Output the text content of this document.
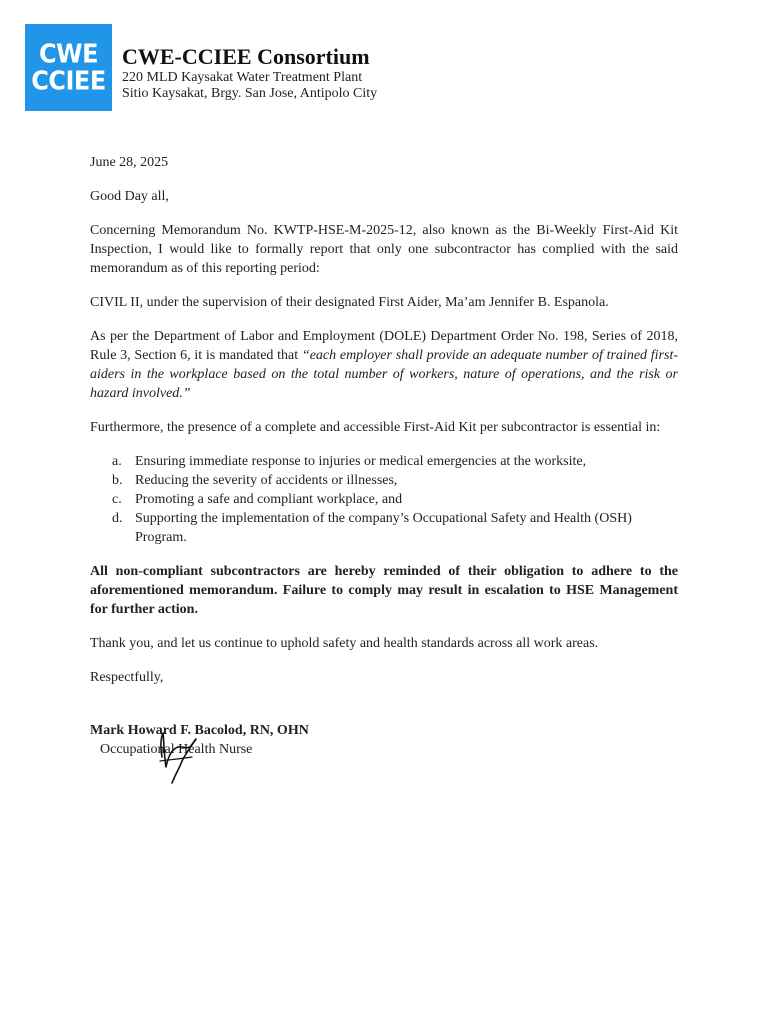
CWE
CCIEE
CWE-CCIEE Consortium
220 MLD Kaysakat Water Treatment Plant
Sitio Kaysakat, Brgy. San Jose, Antipolo City

June 28, 2025

Good Day all,

Concerning Memorandum No. KWTP-HSE-M-2025-12, also known as the Bi-Weekly First-Aid Kit Inspection, I would like to formally report that only one subcontractor has complied with the said memorandum as of this reporting period:

CIVIL II, under the supervision of their designated First Aider, Ma’am Jennifer B. Espanola.

As per the Department of Labor and Employment (DOLE) Department Order No. 198, Series of 2018, Rule 3, Section 6, it is mandated that “each employer shall provide an adequate number of trained first-aiders in the workplace based on the total number of workers, nature of operations, and the risk or hazard involved.”

Furthermore, the presence of a complete and accessible First-Aid Kit per subcontractor is essential in:

a. Ensuring immediate response to injuries or medical emergencies at the worksite,
b. Reducing the severity of accidents or illnesses,
c. Promoting a safe and compliant workplace, and
d. Supporting the implementation of the company’s Occupational Safety and Health (OSH) Program.

All non-compliant subcontractors are hereby reminded of their obligation to adhere to the aforementioned memorandum. Failure to comply may result in escalation to HSE Management for further action.

Thank you, and let us continue to uphold safety and health standards across all work areas.

Respectfully,

Mark Howard F. Bacolod, RN, OHN

Occupational Health Nurse
